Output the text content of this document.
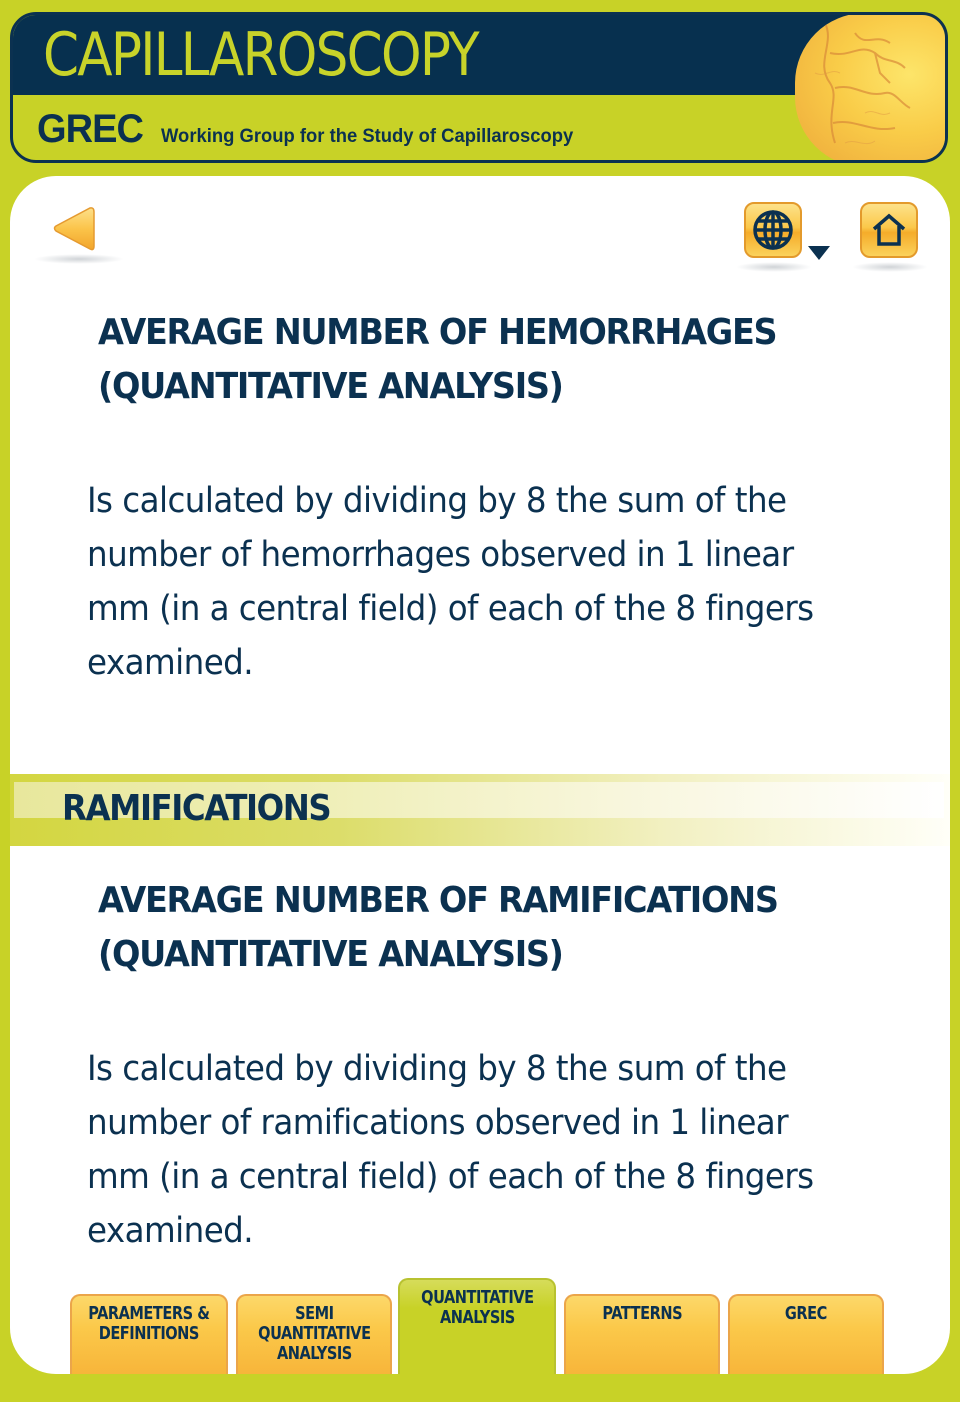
CAPILLAROSCOPY
GREC Working Group for the Study of Capillaroscopy
AVERAGE NUMBER OF HEMORRHAGES
(QUANTITATIVE ANALYSIS)
Is calculated by dividing by 8 the sum of the
number of hemorrhages observed in 1 linear
mm (in a central field) of each of the 8 fingers
examined.
RAMIFICATIONS
AVERAGE NUMBER OF RAMIFICATIONS
(QUANTITATIVE ANALYSIS)
Is calculated by dividing by 8 the sum of the
number of ramifications observed in 1 linear
mm (in a central field) of each of the 8 fingers
examined.
PARAMETERS &
DEFINITIONS
SEMI
QUANTITATIVE
ANALYSIS
QUANTITATIVE
ANALYSIS	PATTERNS	GREC
